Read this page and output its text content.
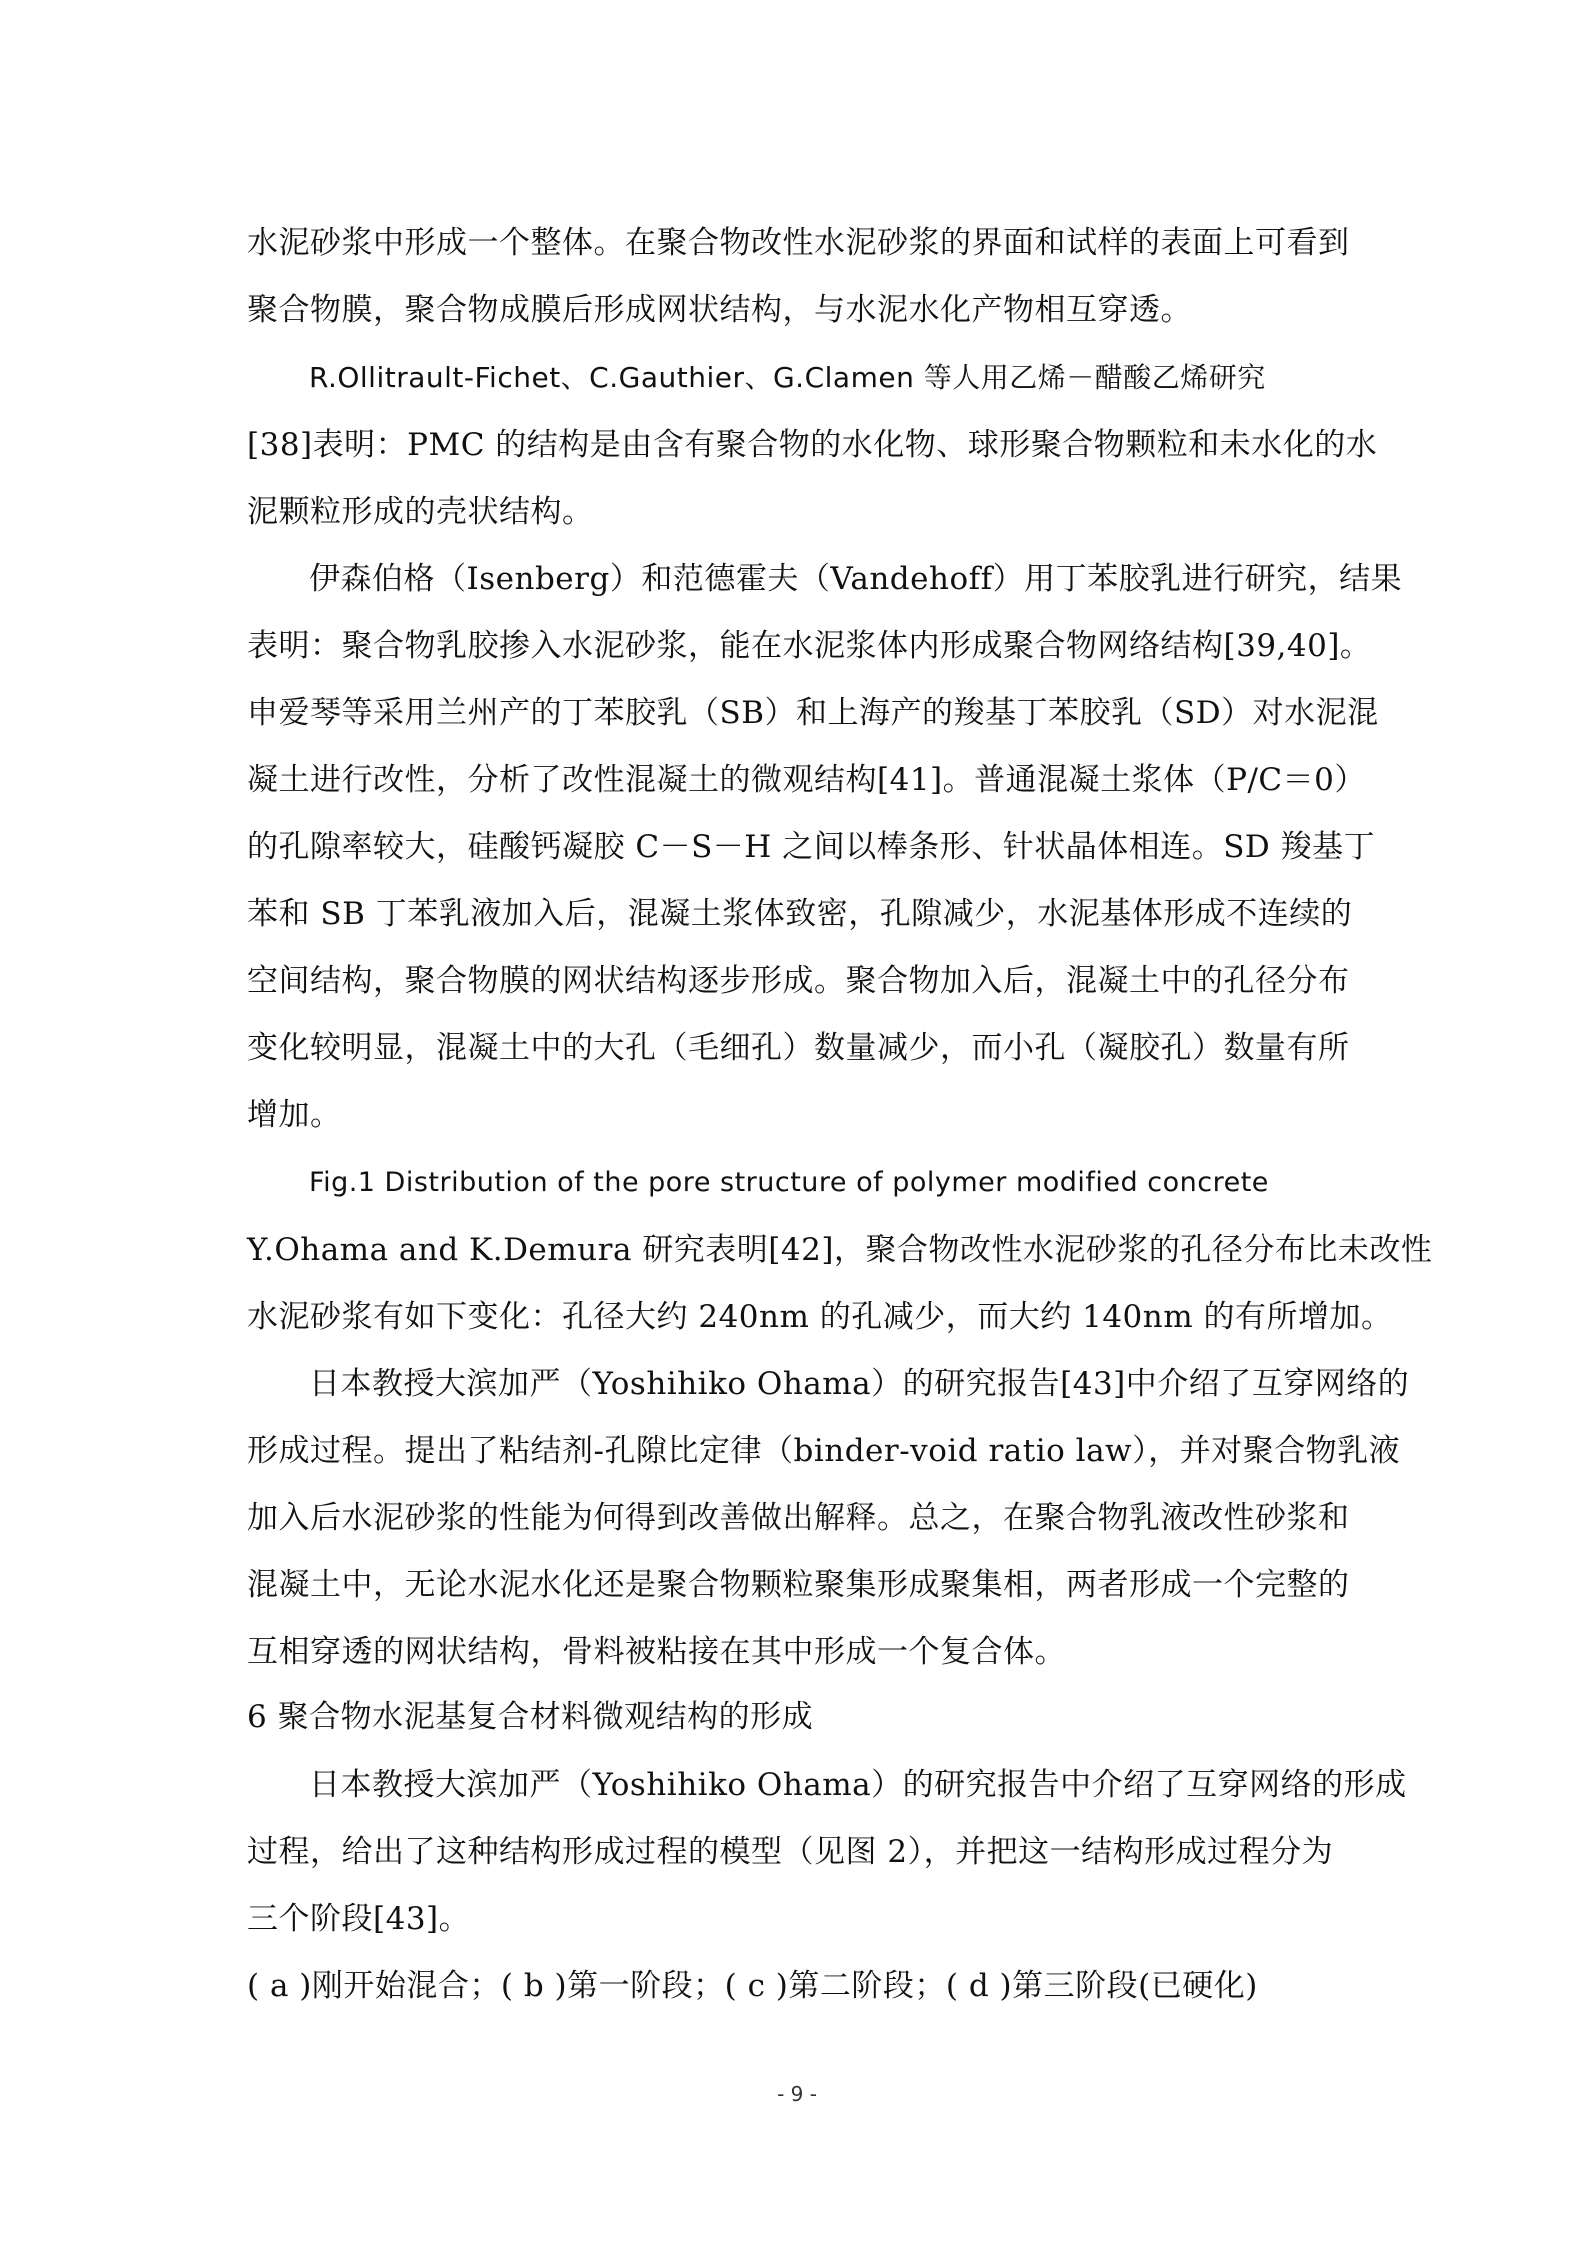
水泥砂浆中形成一个整体。在聚合物改性水泥砂浆的界面和试样的表面上可看到
聚合物膜，聚合物成膜后形成网状结构，与水泥水化产物相互穿透。
R.Ollitrault-Fichet、C.Gauthier、G.Clamen 等人用乙烯－醋酸乙烯研究
[38]表明：PMC 的结构是由含有聚合物的水化物、球形聚合物颗粒和未水化的水
泥颗粒形成的壳状结构。
伊森伯格（Isenberg）和范德霍夫（Vandehoff）用丁苯胶乳进行研究，结果
表明：聚合物乳胶掺入水泥砂浆，能在水泥浆体内形成聚合物网络结构[39,40]。
申爱琴等采用兰州产的丁苯胶乳（SB）和上海产的羧基丁苯胶乳（SD）对水泥混
凝土进行改性，分析了改性混凝土的微观结构[41]。普通混凝土浆体（P/C＝0）
的孔隙率较大，硅酸钙凝胶 C－S－H 之间以棒条形、针状晶体相连。SD 羧基丁
苯和 SB 丁苯乳液加入后，混凝土浆体致密，孔隙减少，水泥基体形成不连续的
空间结构，聚合物膜的网状结构逐步形成。聚合物加入后，混凝土中的孔径分布
变化较明显，混凝土中的大孔（毛细孔）数量减少，而小孔（凝胶孔）数量有所
增加。
Fig.1 Distribution of the pore structure of polymer modified concrete
Y.Ohama and K.Demura 研究表明[42]，聚合物改性水泥砂浆的孔径分布比未改性
水泥砂浆有如下变化：孔径大约 240nm 的孔减少，而大约 140nm 的有所增加。
日本教授大滨加严（Yoshihiko Ohama）的研究报告[43]中介绍了互穿网络的
形成过程。提出了粘结剂-孔隙比定律（binder-void ratio law），并对聚合物乳液
加入后水泥砂浆的性能为何得到改善做出解释。总之，在聚合物乳液改性砂浆和
混凝土中，无论水泥水化还是聚合物颗粒聚集形成聚集相，两者形成一个完整的
互相穿透的网状结构，骨料被粘接在其中形成一个复合体。
6 聚合物水泥基复合材料微观结构的形成
日本教授大滨加严（Yoshihiko Ohama）的研究报告中介绍了互穿网络的形成
过程，给出了这种结构形成过程的模型（见图 2），并把这一结构形成过程分为
三个阶段[43]。
( a )刚开始混合；( b )第一阶段；( c )第二阶段；( d )第三阶段(已硬化)
- 9 -
